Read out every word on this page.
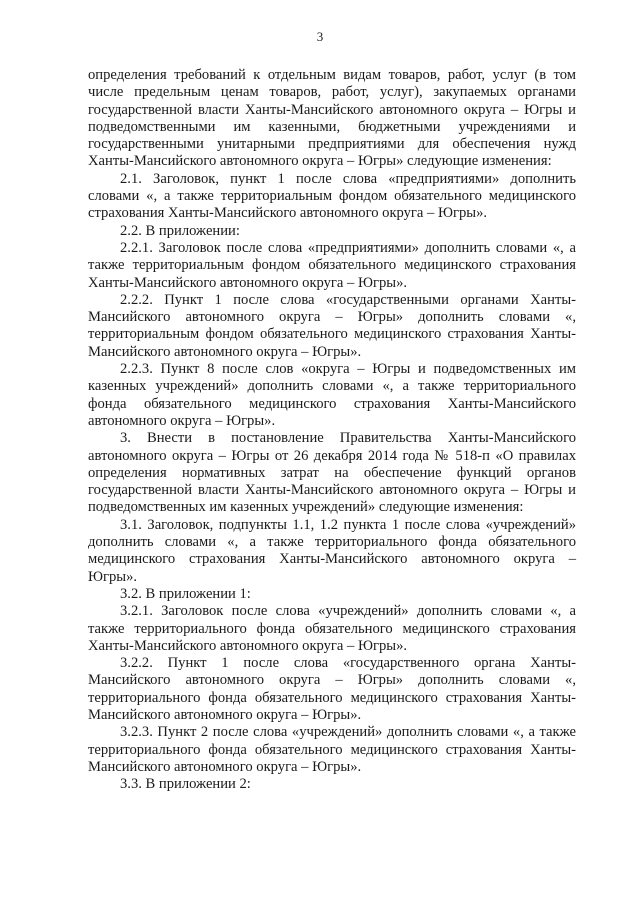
3

определения требований к отдельным видам товаров, работ, услуг (в том числе предельным ценам товаров, работ, услуг), закупаемых органами государственной власти Ханты-Мансийского автономного округа – Югры и подведомственными им казенными, бюджетными учреждениями и государственными унитарными предприятиями для обеспечения нужд Ханты-Мансийского автономного округа – Югры» следующие изменения:

2.1. Заголовок, пункт 1 после слова «предприятиями» дополнить словами «, а также территориальным фондом обязательного медицинского страхования Ханты-Мансийского автономного округа – Югры».

2.2. В приложении:

2.2.1. Заголовок после слова «предприятиями» дополнить словами «, а также территориальным фондом обязательного медицинского страхования Ханты-Мансийского автономного округа – Югры».

2.2.2. Пункт 1 после слова «государственными органами Ханты-Мансийского автономного округа – Югры» дополнить словами «, территориальным фондом обязательного медицинского страхования Ханты-Мансийского автономного округа – Югры».

2.2.3. Пункт 8 после слов «округа – Югры и подведомственных им казенных учреждений» дополнить словами «, а также территориального фонда обязательного медицинского страхования Ханты-Мансийского автономного округа – Югры».

3. Внести в постановление Правительства Ханты-Мансийского автономного округа – Югры от 26 декабря 2014 года № 518-п «О правилах определения нормативных затрат на обеспечение функций органов государственной власти Ханты-Мансийского автономного округа – Югры и подведомственных им казенных учреждений» следующие изменения:

3.1. Заголовок, подпункты 1.1, 1.2 пункта 1 после слова «учреждений» дополнить словами «, а также территориального фонда обязательного медицинского страхования Ханты-Мансийского автономного округа – Югры».

3.2. В приложении 1:

3.2.1. Заголовок после слова «учреждений» дополнить словами «, а также территориального фонда обязательного медицинского страхования Ханты-Мансийского автономного округа – Югры».

3.2.2. Пункт 1 после слова «государственного органа Ханты-Мансийского автономного округа – Югры» дополнить словами «, территориального фонда обязательного медицинского страхования Ханты-Мансийского автономного округа – Югры».

3.2.3. Пункт 2 после слова «учреждений» дополнить словами «, а также территориального фонда обязательного медицинского страхования Ханты-Мансийского автономного округа – Югры».

3.3. В приложении 2:
